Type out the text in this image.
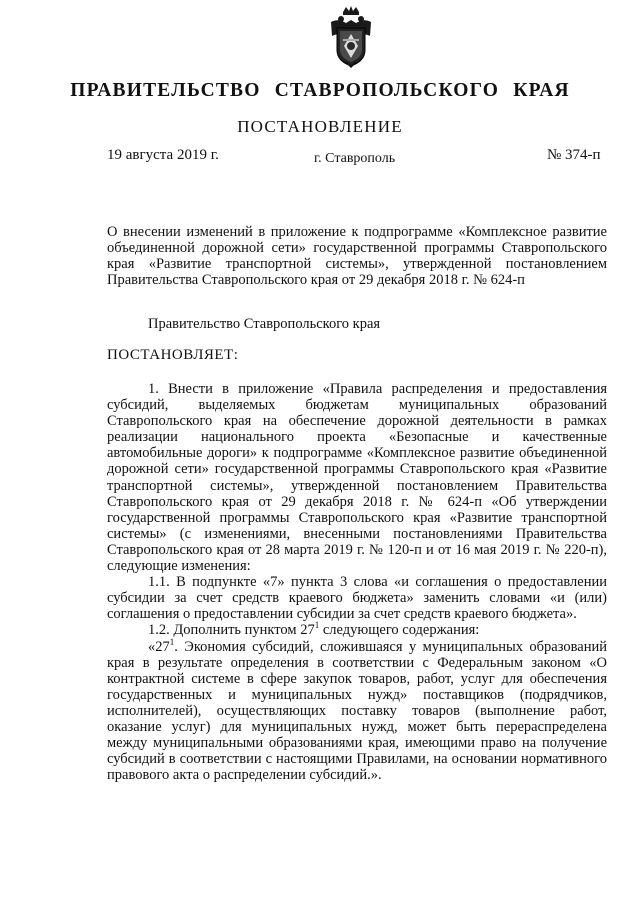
ПРАВИТЕЛЬСТВО СТАВРОПОЛЬСКОГО КРАЯ
ПОСТАНОВЛЕНИЕ
19 августа 2019 г.	г. Ставрополь	№ 374-п

О внесении изменений в приложение к подпрограмме «Комплексное развитие объединенной дорожной сети» государственной программы Ставропольского края «Развитие транспортной системы», утвержденной постановлением Правительства Ставропольского края от 29 декабря 2018 г. № 624-п

Правительство Ставропольского края
ПОСТАНОВЛЯЕТ:

1. Внести в приложение «Правила распределения и предоставления субсидий, выделяемых бюджетам муниципальных образований Ставропольского края на обеспечение дорожной деятельности в рамках реализации национального проекта «Безопасные и качественные автомобильные дороги» к подпрограмме «Комплексное развитие объединенной дорожной сети» государственной программы Ставропольского края «Развитие транспортной системы», утвержденной постановлением Правительства Ставропольского края от 29 декабря 2018 г. № 624-п «Об утверждении государственной программы Ставропольского края «Развитие транспортной системы» (с изменениями, внесенными постановлениями Правительства Ставропольского края от 28 марта 2019 г. № 120-п и от 16 мая 2019 г. № 220-п), следующие изменения:

1.1. В подпункте «7» пункта 3 слова «и соглашения о предоставлении субсидии за счет средств краевого бюджета» заменить словами «и (или) соглашения о предоставлении субсидии за счет средств краевого бюджета».

1.2. Дополнить пунктом $27^1$ следующего содержания:

«$27^1$. Экономия субсидий, сложившаяся у муниципальных образований края в результате определения в соответствии с Федеральным законом «О контрактной системе в сфере закупок товаров, работ, услуг для обеспечения государственных и муниципальных нужд» поставщиков (подрядчиков, исполнителей), осуществляющих поставку товаров (выполнение работ, оказание услуг) для муниципальных нужд, может быть перераспределена между муниципальными образованиями края, имеющими право на получение субсидий в соответствии с настоящими Правилами, на основании нормативного правового акта о распределении субсидий.».
